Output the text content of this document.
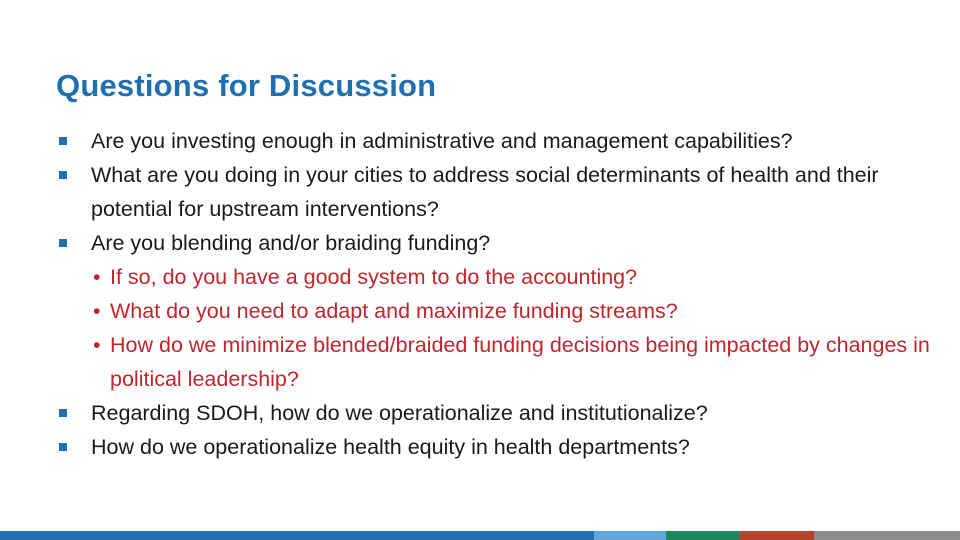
Questions for Discussion
Are you investing enough in administrative and management capabilities?
What are you doing in your cities to address social determinants of health and their potential for upstream interventions?
Are you blending and/or braiding funding?
• If so, do you have a good system to do the accounting?
• What do you need to adapt and maximize funding streams?
• How do we minimize blended/braided funding decisions being impacted by changes in political leadership?
Regarding SDOH, how do we operationalize and institutionalize?
How do we operationalize health equity in health departments?
